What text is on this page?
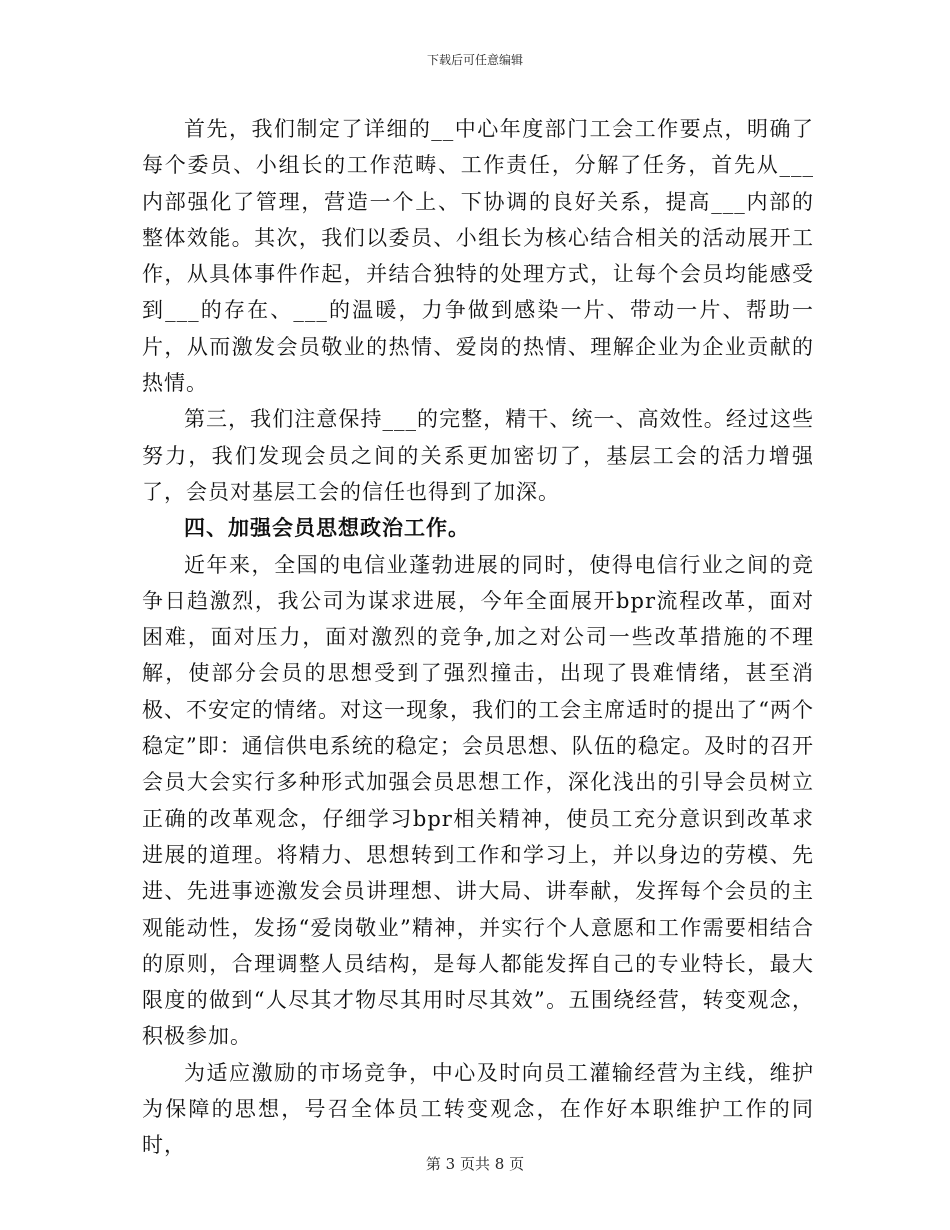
下载后可任意编辑

首先，我们制定了详细的__中心年度部门工会工作要点，明确了每个委员、小组长的工作范畴、工作责任，分解了任务，首先从___内部强化了管理，营造一个上、下协调的良好关系，提高___内部的整体效能。其次，我们以委员、小组长为核心结合相关的活动展开工作，从具体事件作起，并结合独特的处理方式，让每个会员均能感受到___的存在、___的温暖，力争做到感染一片、带动一片、帮助一片，从而激发会员敬业的热情、爱岗的热情、理解企业为企业贡献的热情。

第三，我们注意保持___的完整，精干、统一、高效性。经过这些努力，我们发现会员之间的关系更加密切了，基层工会的活力增强了，会员对基层工会的信任也得到了加深。

四、加强会员思想政治工作。

近年来，全国的电信业蓬勃进展的同时，使得电信行业之间的竞争日趋激烈，我公司为谋求进展，今年全面展开bpr流程改革，面对困难，面对压力，面对激烈的竞争,加之对公司一些改革措施的不理解，使部分会员的思想受到了强烈撞击，出现了畏难情绪，甚至消极、不安定的情绪。对这一现象，我们的工会主席适时的提出了“两个稳定”即：通信供电系统的稳定；会员思想、队伍的稳定。及时的召开会员大会实行多种形式加强会员思想工作，深化浅出的引导会员树立正确的改革观念，仔细学习bpr相关精神，使员工充分意识到改革求进展的道理。将精力、思想转到工作和学习上，并以身边的劳模、先进、先进事迹激发会员讲理想、讲大局、讲奉献，发挥每个会员的主观能动性，发扬“爱岗敬业”精神，并实行个人意愿和工作需要相结合的原则，合理调整人员结构，是每人都能发挥自己的专业特长，最大限度的做到“人尽其才物尽其用时尽其效”。五围绕经营，转变观念，积极参加。

为适应激励的市场竞争，中心及时向员工灌输经营为主线，维护为保障的思想，号召全体员工转变观念，在作好本职维护工作的同时，

第 3 页共 8 页
